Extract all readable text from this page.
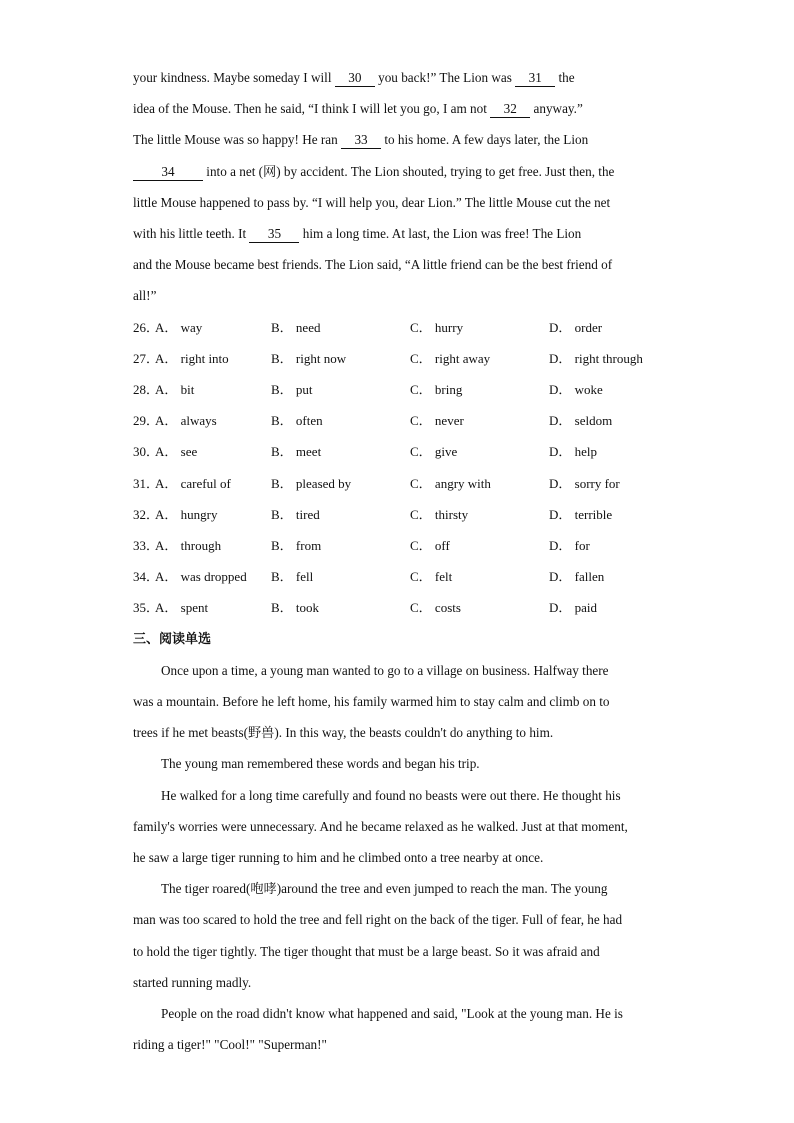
your kindness. Maybe someday I will 30 you back!” The Lion was 31 the
idea of the Mouse. Then he said, “I think I will let you go, I am not 32 anyway.”
The little Mouse was so happy! He ran 33 to his home. A few days later, the Lion
34 into a net (网) by accident. The Lion shouted, trying to get free. Just then, the
little Mouse happened to pass by. “I will help you, dear Lion.” The little Mouse cut the net
with his little teeth. It 35 him a long time. At last, the Lion was free! The Lion
and the Mouse became best friends. The Lion said, “A little friend can be the best friend of
all!”
26．
A． way	B． need	C． hurry	D． order
27．
A． right into	B． right now	C． right away	D． right through
28．
A． bit	B． put	C． bring	D． woke
29．
A． always	B． often	C． never	D． seldom
30．
A． see	B． meet	C． give	D． help
31．
A． careful of	B． pleased by	C． angry with	D． sorry for
32．
A． hungry	B． tired	C． thirsty	D． terrible
33．
A． through	B． from	C． off	D． for
34．
A． was dropped	B． fell	C． felt	D． fallen
35．
A． spent	B． took	C． costs	D． paid
三、阅读单选
Once upon a time, a young man wanted to go to a village on business. Halfway there
was a mountain. Before he left home, his family warmed him to stay calm and climb on to
trees if he met beasts(野兽). In this way, the beasts couldn't do anything to him.
The young man remembered these words and began his trip.
He walked for a long time carefully and found no beasts were out there. He thought his
family's worries were unnecessary. And he became relaxed as he walked. Just at that moment,
he saw a large tiger running to him and he climbed onto a tree nearby at once.
The tiger roared(咆哮)around the tree and even jumped to reach the man. The young
man was too scared to hold the tree and fell right on the back of the tiger. Full of fear, he had
to hold the tiger tightly. The tiger thought that must be a large beast. So it was afraid and
started running madly.
People on the road didn't know what happened and said, "Look at the young man. He is
riding a tiger!" "Cool!" "Superman!"
